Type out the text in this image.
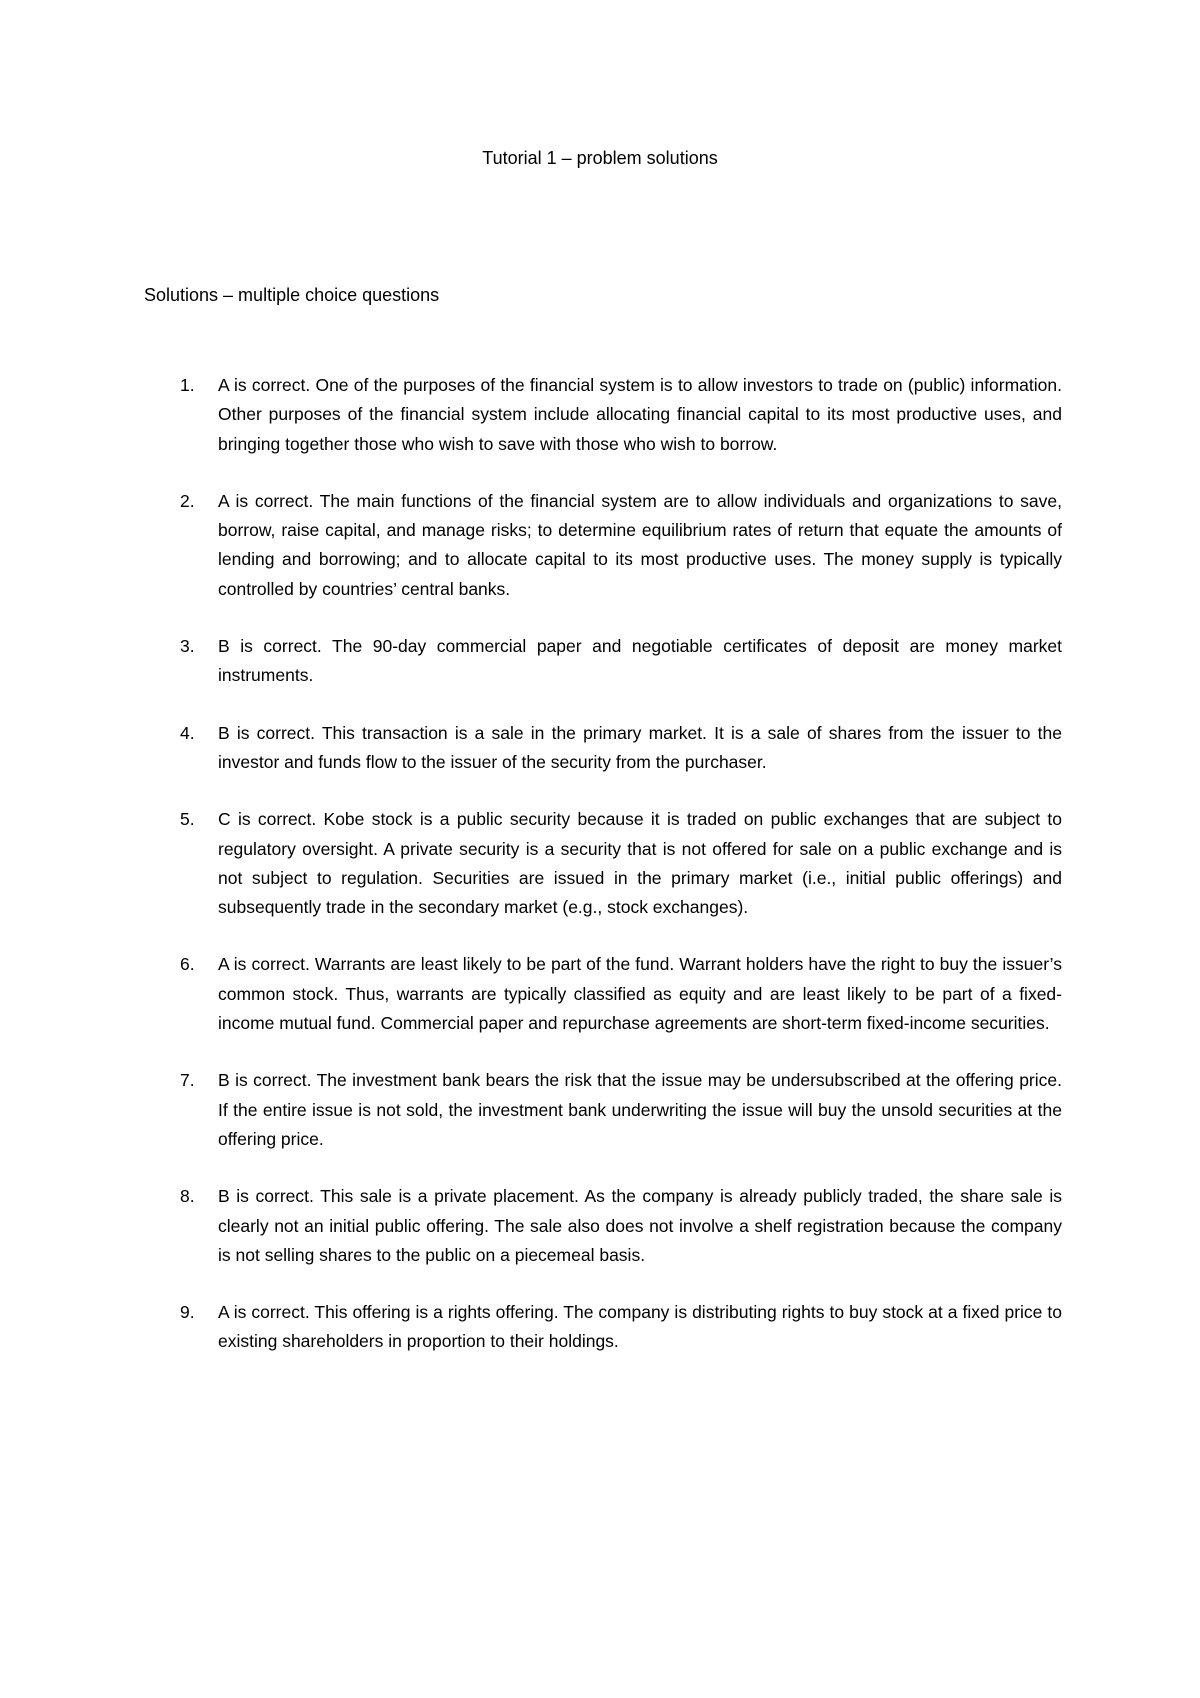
Tutorial 1 – problem solutions
Solutions – multiple choice questions
1. A is correct. One of the purposes of the financial system is to allow investors to trade on (public) information. Other purposes of the financial system include allocating financial capital to its most productive uses, and bringing together those who wish to save with those who wish to borrow.
2. A is correct. The main functions of the financial system are to allow individuals and organizations to save, borrow, raise capital, and manage risks; to determine equilibrium rates of return that equate the amounts of lending and borrowing; and to allocate capital to its most productive uses. The money supply is typically controlled by countries’ central banks.
3. B is correct. The 90-day commercial paper and negotiable certificates of deposit are money market instruments.
4. B is correct. This transaction is a sale in the primary market. It is a sale of shares from the issuer to the investor and funds flow to the issuer of the security from the purchaser.
5. C is correct. Kobe stock is a public security because it is traded on public exchanges that are subject to regulatory oversight. A private security is a security that is not offered for sale on a public exchange and is not subject to regulation. Securities are issued in the primary market (i.e., initial public offerings) and subsequently trade in the secondary market (e.g., stock exchanges).
6. A is correct. Warrants are least likely to be part of the fund. Warrant holders have the right to buy the issuer’s common stock. Thus, warrants are typically classified as equity and are least likely to be part of a fixed-income mutual fund. Commercial paper and repurchase agreements are short-term fixed-income securities.
7. B is correct. The investment bank bears the risk that the issue may be undersubscribed at the offering price. If the entire issue is not sold, the investment bank underwriting the issue will buy the unsold securities at the offering price.
8. B is correct. This sale is a private placement. As the company is already publicly traded, the share sale is clearly not an initial public offering. The sale also does not involve a shelf registration because the company is not selling shares to the public on a piecemeal basis.
9. A is correct. This offering is a rights offering. The company is distributing rights to buy stock at a fixed price to existing shareholders in proportion to their holdings.
